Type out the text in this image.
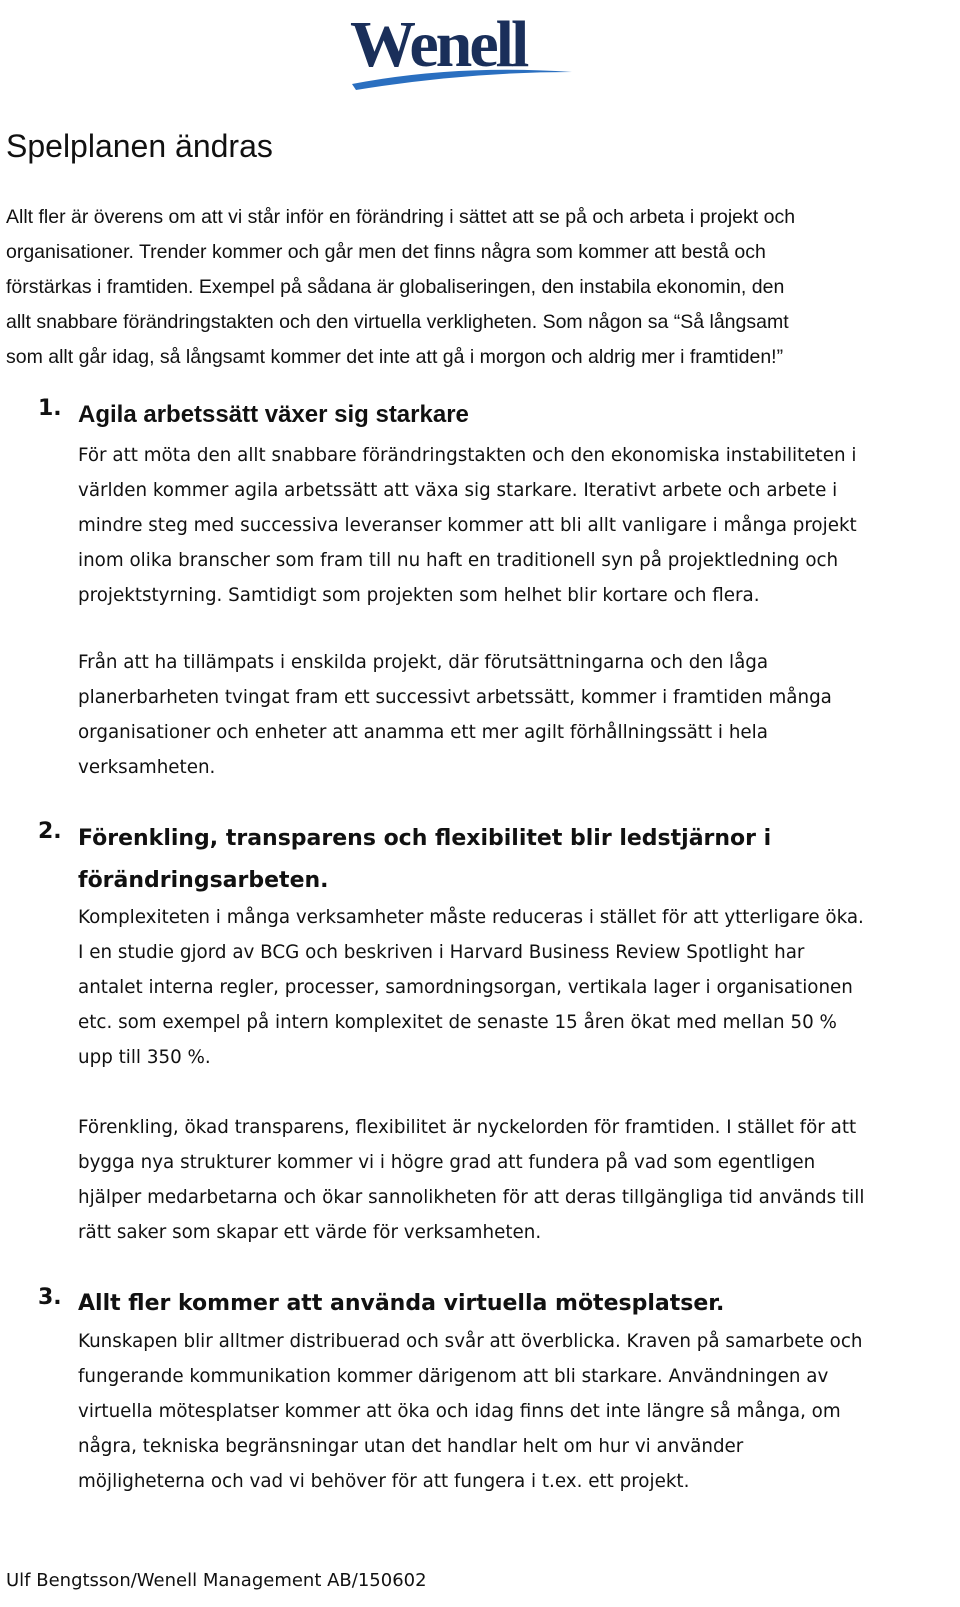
Wenell
Spelplanen ändras

Allt fler är överens om att vi står inför en förändring i sättet att se på och arbeta i projekt och
organisationer. Trender kommer och går men det finns några som kommer att bestå och
förstärkas i framtiden. Exempel på sådana är globaliseringen, den instabila ekonomin, den
allt snabbare förändringstakten och den virtuella verkligheten. Som någon sa “Så långsamt
som allt går idag, så långsamt kommer det inte att gå i morgon och aldrig mer i framtiden!”

1. Agila arbetssätt växer sig starkare

För att möta den allt snabbare förändringstakten och den ekonomiska instabiliteten i
världen kommer agila arbetssätt att växa sig starkare. Iterativt arbete och arbete i
mindre steg med successiva leveranser kommer att bli allt vanligare i många projekt
inom olika branscher som fram till nu haft en traditionell syn på projektledning och
projektstyrning. Samtidigt som projekten som helhet blir kortare och flera.

Från att ha tillämpats i enskilda projekt, där förutsättningarna och den låga
planerbarheten tvingat fram ett successivt arbetssätt, kommer i framtiden många
organisationer och enheter att anamma ett mer agilt förhållningssätt i hela
verksamheten.

2. Förenkling, transparens och flexibilitet blir ledstjärnor i
förändringsarbeten.

Komplexiteten i många verksamheter måste reduceras i stället för att ytterligare öka.
I en studie gjord av BCG och beskriven i Harvard Business Review Spotlight har
antalet interna regler, processer, samordningsorgan, vertikala lager i organisationen
etc. som exempel på intern komplexitet de senaste 15 åren ökat med mellan 50 %
upp till 350 %.

Förenkling, ökad transparens, flexibilitet är nyckelorden för framtiden. I stället för att
bygga nya strukturer kommer vi i högre grad att fundera på vad som egentligen
hjälper medarbetarna och ökar sannolikheten för att deras tillgängliga tid används till
rätt saker som skapar ett värde för verksamheten.

3. Allt fler kommer att använda virtuella mötesplatser.

Kunskapen blir alltmer distribuerad och svår att överblicka. Kraven på samarbete och
fungerande kommunikation kommer därigenom att bli starkare. Användningen av
virtuella mötesplatser kommer att öka och idag finns det inte längre så många, om
några, tekniska begränsningar utan det handlar helt om hur vi använder
möjligheterna och vad vi behöver för att fungera i t.ex. ett projekt.

Ulf Bengtsson/Wenell Management AB/150602
